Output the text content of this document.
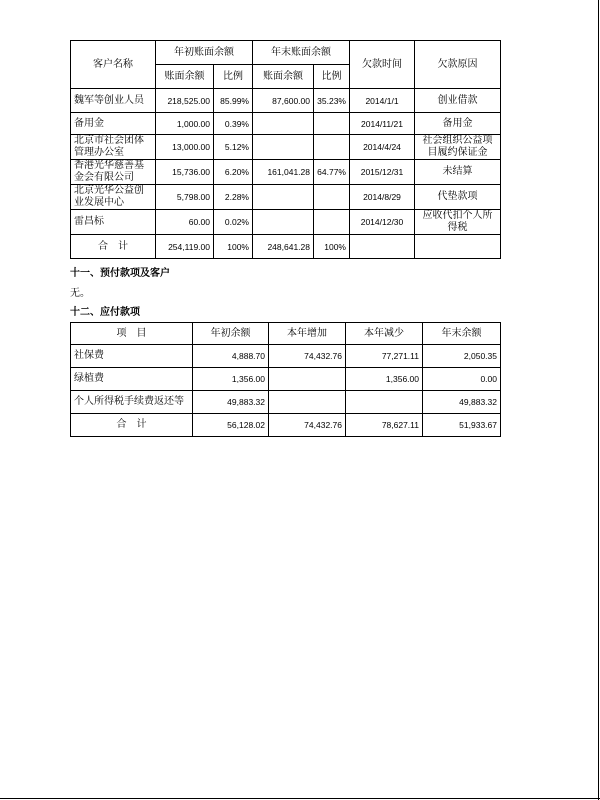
客户名称	年初账面余额		年末账面余额		欠款时间	欠款原因
	账面余额	比例	账面余额	比例		
魏军等创业人员	218,525.00	85.99%	87,600.00	35.23%	2014/1/1	创业借款
备用金	1,000.00	0.39%			2014/11/21	备用金
北京市社会团体管理办公室	13,000.00	5.12%			2014/4/24	社会组织公益项目履约保证金
香港光华慈善基金会有限公司	15,736.00	6.20%	161,041.28	64.77%	2015/12/31	未结算
北京光华公益创业发展中心	5,798.00	2.28%			2014/8/29	代垫款项
雷昌标	60.00	0.02%			2014/12/30	应收代扣个人所得税
合　计	254,119.00	100%	248,641.28	100%		
十一、预付款项及客户
无。
十二、应付款项
项　目	年初余额	本年增加	本年减少	年末余额
社保费	4,888.70	74,432.76	77,271.11	2,050.35
绿植费	1,356.00		1,356.00	0.00
个人所得税手续费返还等	49,883.32			49,883.32
合　计	56,128.02	74,432.76	78,627.11	51,933.67
